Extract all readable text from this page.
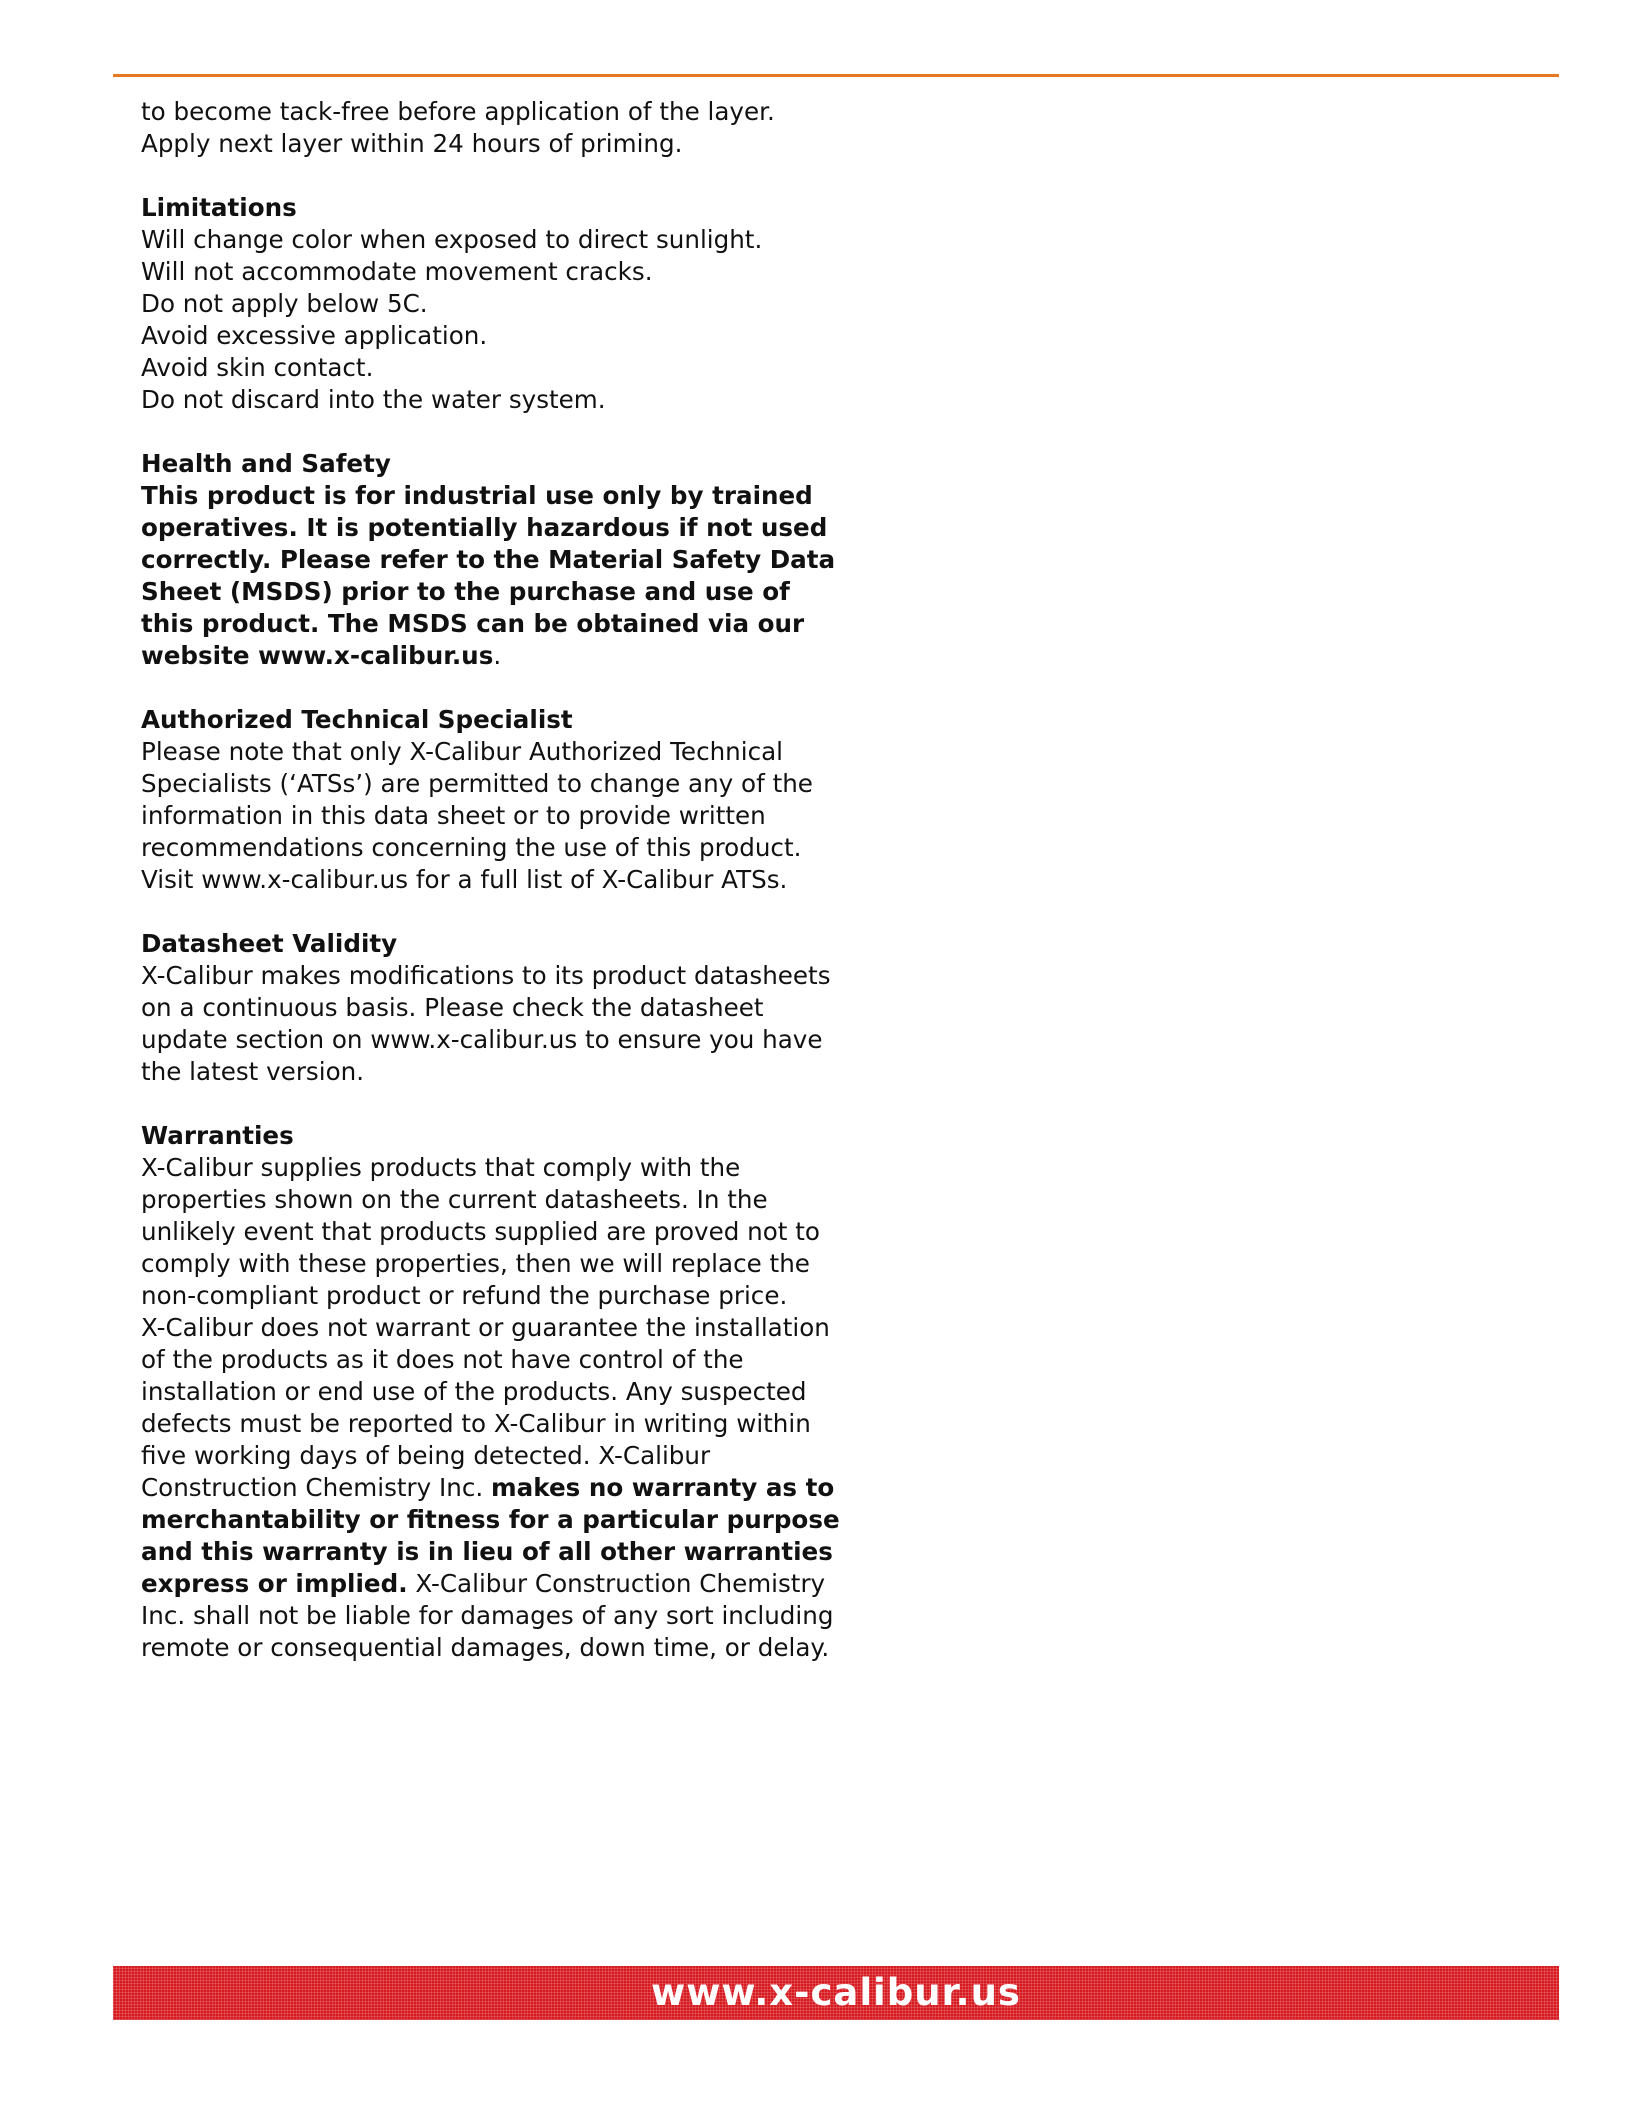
to become tack-free before application of the layer.
Apply next layer within 24 hours of priming.
Limitations
Will change color when exposed to direct sunlight.
Will not accommodate movement cracks.
Do not apply below 5C.
Avoid excessive application.
Avoid skin contact.
Do not discard into the water system.
Health and Safety
This product is for industrial use only by trained
operatives. It is potentially hazardous if not used
correctly. Please refer to the Material Safety Data
Sheet (MSDS) prior to the purchase and use of
this product. The MSDS can be obtained via our
website www.x-calibur.us.
Authorized Technical Specialist
Please note that only X-Calibur Authorized Technical
Specialists (‘ATSs’) are permitted to change any of the
information in this data sheet or to provide written
recommendations concerning the use of this product.
Visit www.x-calibur.us for a full list of X-Calibur ATSs.
Datasheet Validity
X-Calibur makes modifications to its product datasheets
on a continuous basis. Please check the datasheet
update section on www.x-calibur.us to ensure you have
the latest version.
Warranties
X-Calibur supplies products that comply with the
properties shown on the current datasheets. In the
unlikely event that products supplied are proved not to
comply with these properties, then we will replace the
non-compliant product or refund the purchase price.
X-Calibur does not warrant or guarantee the installation
of the products as it does not have control of the
installation or end use of the products. Any suspected
defects must be reported to X-Calibur in writing within
five working days of being detected. X-Calibur
Construction Chemistry Inc. makes no warranty as to
merchantability or fitness for a particular purpose
and this warranty is in lieu of all other warranties
express or implied. X-Calibur Construction Chemistry
Inc. shall not be liable for damages of any sort including
remote or consequential damages, down time, or delay.
www.x-calibur.us
